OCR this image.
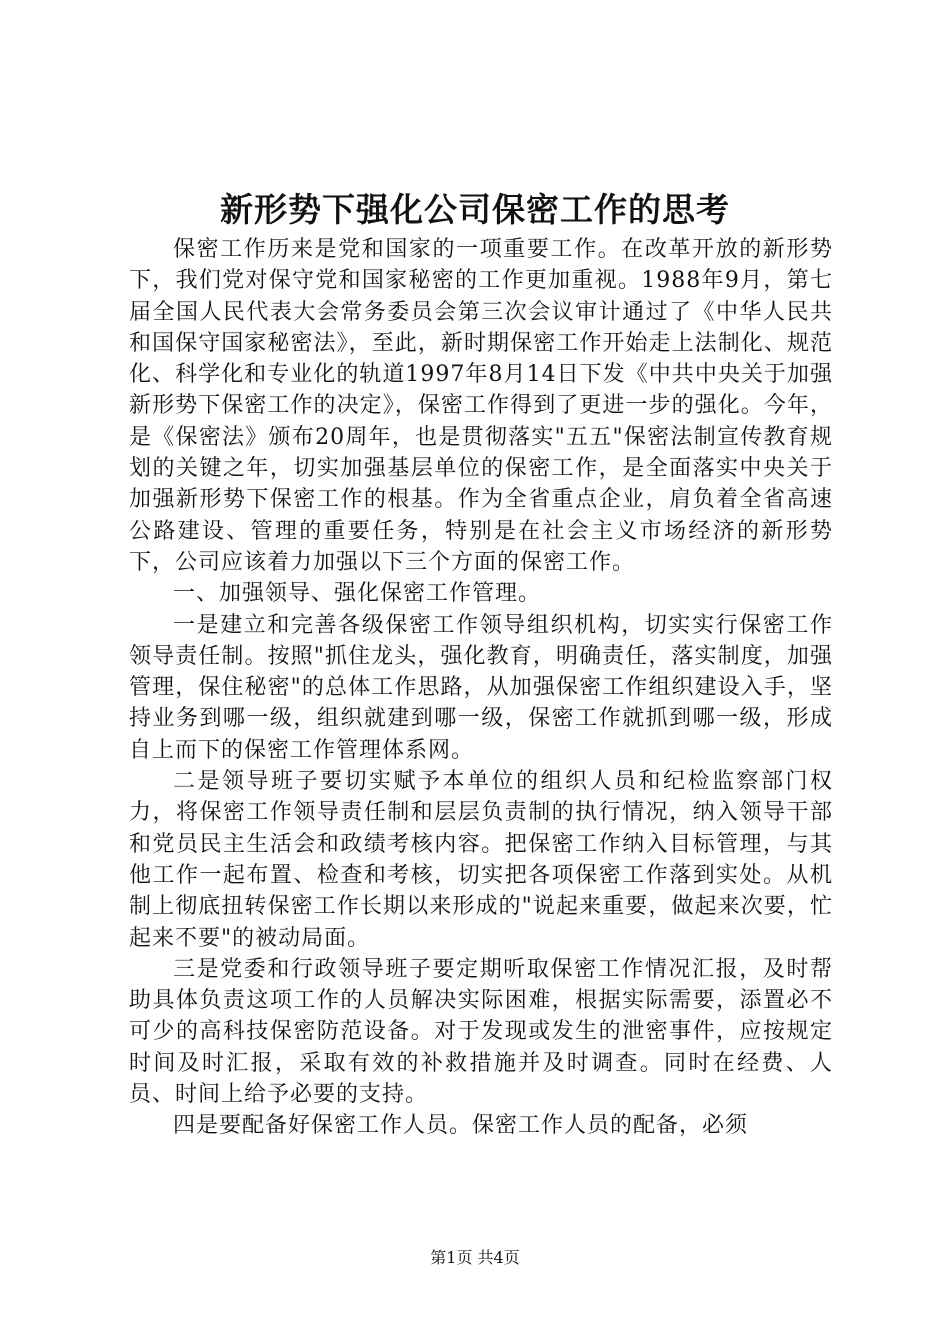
新形势下强化公司保密工作的思考

保密工作历来是党和国家的一项重要工作。在改革开放的新形势下，我们党对保守党和国家秘密的工作更加重视。1988年9月，第七届全国人民代表大会常务委员会第三次会议审计通过了《中华人民共和国保守国家秘密法》，至此，新时期保密工作开始走上法制化、规范化、科学化和专业化的轨道1997年8月14日下发《中共中央关于加强新形势下保密工作的决定》，保密工作得到了更进一步的强化。今年，是《保密法》颁布20周年，也是贯彻落实"五五"保密法制宣传教育规划的关键之年，切实加强基层单位的保密工作，是全面落实中央关于加强新形势下保密工作的根基。作为全省重点企业，肩负着全省高速公路建设、管理的重要任务，特别是在社会主义市场经济的新形势下，公司应该着力加强以下三个方面的保密工作。

一、加强领导、强化保密工作管理。

一是建立和完善各级保密工作领导组织机构，切实实行保密工作领导责任制。按照"抓住龙头，强化教育，明确责任，落实制度，加强管理，保住秘密"的总体工作思路，从加强保密工作组织建设入手，坚持业务到哪一级，组织就建到哪一级，保密工作就抓到哪一级，形成自上而下的保密工作管理体系网。

二是领导班子要切实赋予本单位的组织人员和纪检监察部门权力，将保密工作领导责任制和层层负责制的执行情况，纳入领导干部和党员民主生活会和政绩考核内容。把保密工作纳入目标管理，与其他工作一起布置、检查和考核，切实把各项保密工作落到实处。从机制上彻底扭转保密工作长期以来形成的"说起来重要，做起来次要，忙起来不要"的被动局面。

三是党委和行政领导班子要定期听取保密工作情况汇报，及时帮助具体负责这项工作的人员解决实际困难，根据实际需要，添置必不可少的高科技保密防范设备。对于发现或发生的泄密事件，应按规定时间及时汇报，采取有效的补救措施并及时调查。同时在经费、人员、时间上给予必要的支持。

四是要配备好保密工作人员。保密工作人员的配备，必须

第1页 共4页
